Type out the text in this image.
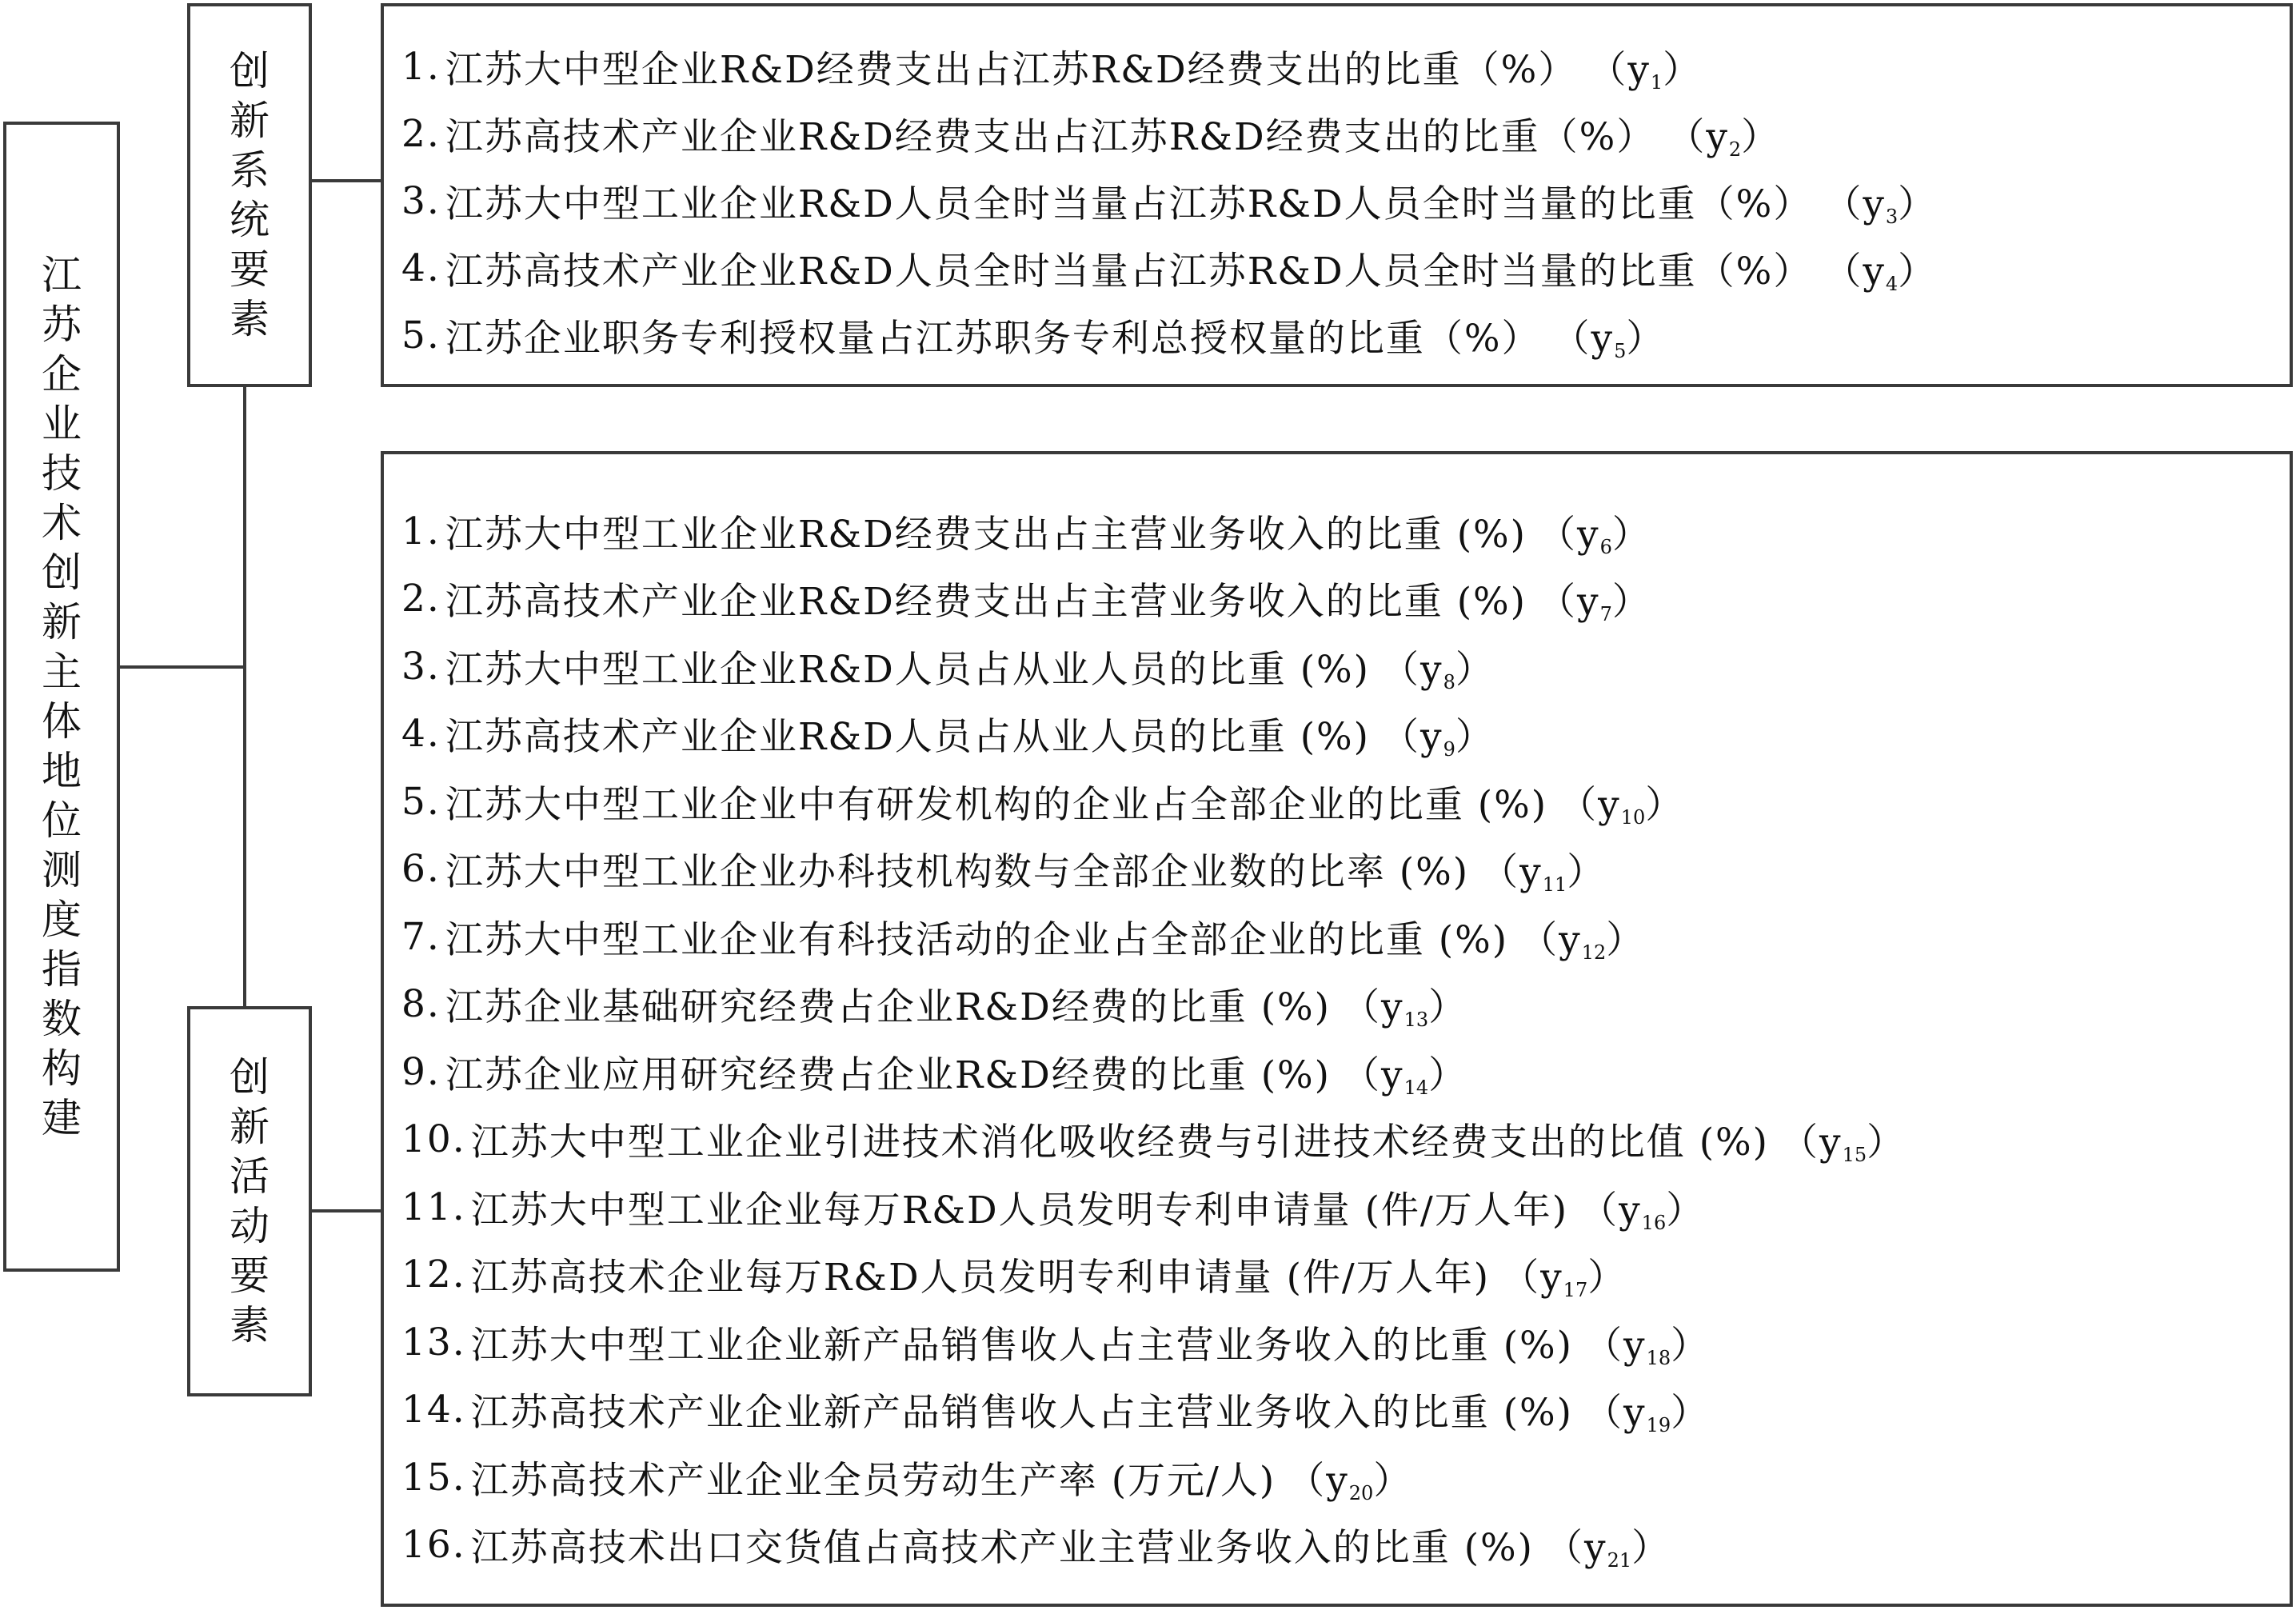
江
苏
企
业
技
术
创
新
主
体
地
位
测
度
指
数
构
建
创
新
系
统
要
素
创
新
活
动
要
素
1. 江苏大中型企业R&D经费支出占江苏R&D经费支出的比重（%） $(y_1)$
2. 江苏高技术产业企业R&D经费支出占江苏R&D经费支出的比重（%） $(y_2)$
3. 江苏大中型工业企业R&D人员全时当量占江苏R&D人员全时当量的比重（%） $(y_3)$
4. 江苏高技术产业企业R&D人员全时当量占江苏R&D人员全时当量的比重（%） $(y_4)$
5. 江苏企业职务专利授权量占江苏职务专利总授权量的比重（%） $(y_5)$
1. 江苏大中型工业企业R&D经费支出占主营业务收入的比重 (%) $(y_6)$
2. 江苏高技术产业企业R&D经费支出占主营业务收入的比重 (%) $(y_7)$
3. 江苏大中型工业企业R&D人员占从业人员的比重 (%) $(y_8)$
4. 江苏高技术产业企业R&D人员占从业人员的比重 (%) $(y_9)$
5. 江苏大中型工业企业中有研发机构的企业占全部企业的比重 (%) $(y_{10})$
6. 江苏大中型工业企业办科技机构数与全部企业数的比率 (%) $(y_{11})$
7. 江苏大中型工业企业有科技活动的企业占全部企业的比重 (%) $(y_{12})$
8. 江苏企业基础研究经费占企业R&D经费的比重 (%) $(y_{13})$
9. 江苏企业应用研究经费占企业R&D经费的比重 (%) $(y_{14})$
10. 江苏大中型工业企业引进技术消化吸收经费与引进技术经费支出的比值 (%) $(y_{15})$
11. 江苏大中型工业企业每万R&D人员发明专利申请量 (件/万人年) $(y_{16})$
12. 江苏高技术企业每万R&D人员发明专利申请量 (件/万人年) $(y_{17})$
13. 江苏大中型工业企业新产品销售收人占主营业务收入的比重 (%) $(y_{18})$
14. 江苏高技术产业企业新产品销售收人占主营业务收入的比重 (%) $(y_{19})$
15. 江苏高技术产业企业全员劳动生产率 (万元/人) $(y_{20})$
16. 江苏高技术出口交货值占高技术产业主营业务收入的比重 (%) $(y_{21})$
